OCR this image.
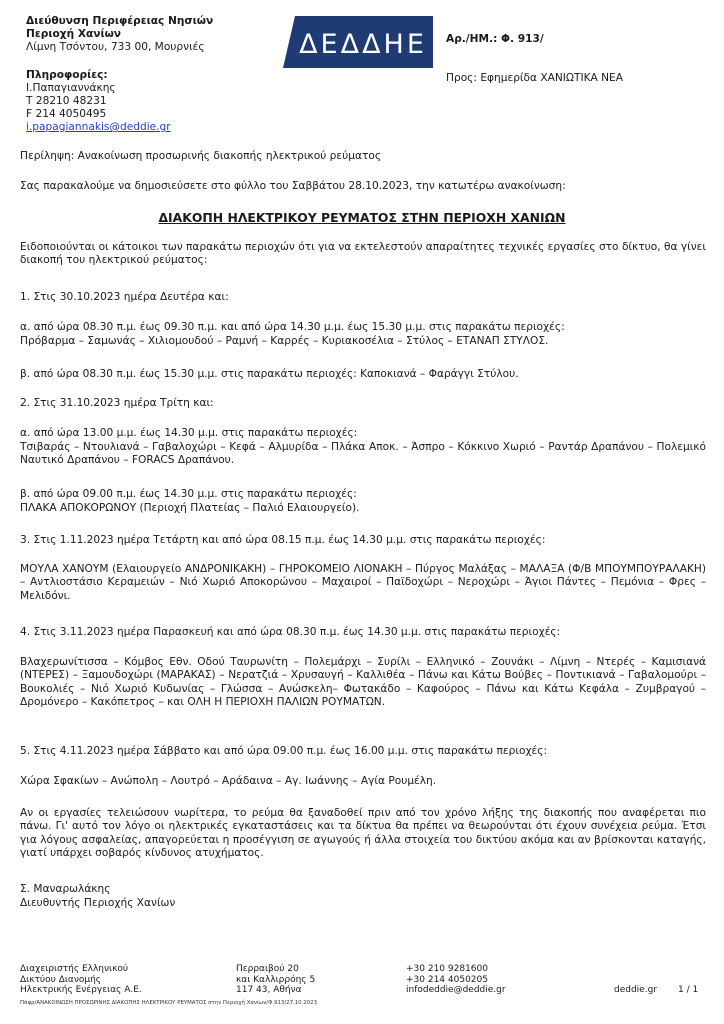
Διεύθυνση Περιφέρειας Νησιών
Περιοχή Χανίων
Λίμνη Τσόντου, 733 00, Μουρνιές
Πληροφορίες:
Ι.Παπαγιαννάκης
T 28210 48231
F 214 4050495
i.papagiannakis@deddie.gr
ΔΕΔΔΗΕ Αρ./ΗΜ.: Φ. 913/
Προς: Εφημερίδα ΧΑΝΙΩΤΙΚΑ ΝΕΑ
Περίληψη: Ανακοίνωση προσωρινής διακοπής ηλεκτρικού ρεύματος
Σας παρακαλούμε να δημοσιεύσετε στο φύλλο του Σαββάτου 28.10.2023, την κατωτέρω ανακοίνωση:
ΔΙΑΚΟΠΗ ΗΛΕΚΤΡΙΚΟΥ ΡΕΥΜΑΤΟΣ ΣΤΗΝ ΠΕΡΙΟΧΗ ΧΑΝΙΩΝ
Ειδοποιούνται οι κάτοικοι των παρακάτω περιοχών ότι για να εκτελεστούν απαραίτητες τεχνικές εργασίες στο δίκτυο, θα γίνει διακοπή του ηλεκτρικού ρεύματος:
1. Στις 30.10.2023 ημέρα Δευτέρα και:
α. από ώρα 08.30 π.μ. έως 09.30 π.μ. και από ώρα 14.30 μ.μ. έως 15.30 μ.μ. στις παρακάτω περιοχές:
Πρόβαρμα – Σαμωνάς – Χιλιομουδού – Ραμνή – Καρρές – Κυριακοσέλια – Στύλος – ΕΤΑΝΑΠ ΣΤΥΛΟΣ.
β. από ώρα 08.30 π.μ. έως 15.30 μ.μ. στις παρακάτω περιοχές: Καποκιανά – Φαράγγι Στύλου.
2. Στις 31.10.2023 ημέρα Τρίτη και:
α. από ώρα 13.00 μ.μ. έως 14.30 μ.μ. στις παρακάτω περιοχές:
Τσιβαράς – Ντουλιανά – Γαβαλοχώρι – Κεφά – Αλμυρίδα – Πλάκα Αποκ. – Άσπρο – Κόκκινο Χωριό – Ραντάρ Δραπάνου – Πολεμικό Ναυτικό Δραπάνου – FORACS Δραπάνου.
β. από ώρα 09.00 π.μ. έως 14.30 μ.μ. στις παρακάτω περιοχές:
ΠΛΑΚΑ ΑΠΟΚΟΡΩΝΟΥ (Περιοχή Πλατείας – Παλιό Ελαιουργείο).
3. Στις 1.11.2023 ημέρα Τετάρτη και από ώρα 08.15 π.μ. έως 14.30 μ.μ. στις παρακάτω περιοχές:
ΜΟΥΛΑ ΧΑΝΟΥΜ (Ελαιουργείο ΑΝΔΡΟΝΙΚΑΚΗ) – ΓΗΡΟΚΟΜΕΙΟ ΛΙΟΝΑΚΗ – Πύργος Μαλάξας – ΜΑΛΑΞΑ (Φ/Β ΜΠΟΥΜΠΟΥΡΑΛΑΚΗ) – Αντλιοστάσιο Κεραμειών – Νιό Χωριό Αποκορώνου – Μαχαιροί – Παϊδοχώρι – Νεροχώρι – Άγιοι Πάντες – Πεμόνια – Φρες – Μελιδόνι.
4. Στις 3.11.2023 ημέρα Παρασκευή και από ώρα 08.30 π.μ. έως 14.30 μ.μ. στις παρακάτω περιοχές:
Βλαχερωνίτισσα – Κόμβος Εθν. Οδού Ταυρωνίτη – Πολεμάρχι – Συρίλι – Ελληνικό – Ζουνάκι – Λίμνη – Ντερές – Καμισιανά (ΝΤΕΡΕΣ) – Ξαμουδοχώρι (ΜΑΡΑΚΑΣ) – Νερατζιά – Χρυσαυγή – Καλλιθέα – Πάνω και Κάτω Βούβες – Ποντικιανά – Γαβαλομούρι – Βουκολιές – Νιό Χωριό Κυδωνίας – Γλώσσα – Ανώσκελη– Φωτακάδο – Καφούρος – Πάνω και Κάτω Κεφάλα – Ζυμβραγού – Δρομόνερο – Κακόπετρος – και ΟΛΗ Η ΠΕΡΙΟΧΗ ΠΑΛΙΩΝ ΡΟΥΜΑΤΩΝ.
5. Στις 4.11.2023 ημέρα Σάββατο και από ώρα 09.00 π.μ. έως 16.00 μ.μ. στις παρακάτω περιοχές:
Χώρα Σφακίων – Ανώπολη – Λουτρό – Αράδαινα – Αγ. Ιωάννης – Αγία Ρουμέλη.
Αν οι εργασίες τελειώσουν νωρίτερα, το ρεύμα θα ξαναδοθεί πριν από τον χρόνο λήξης της διακοπής που αναφέρεται πιο πάνω. Γι' αυτό τον λόγο οι ηλεκτρικές εγκαταστάσεις και τα δίκτυα θα πρέπει να θεωρούνται ότι έχουν συνέχεια ρεύμα. Έτσι για λόγους ασφαλείας, απαγορεύεται η προσέγγιση σε αγωγούς ή άλλα στοιχεία του δικτύου ακόμα και αν βρίσκονται καταγής, γιατί υπάρχει σοβαρός κίνδυνος ατυχήματος.
Σ. Μαναρωλάκης
Διευθυντής Περιοχής Χανίων
Διαχειριστής Ελληνικού
Δικτύου Διανομής
Ηλεκτρικής Ενέργειας Α.Ε.
Περραιβού 20
και Καλλιρρόης 5
117 43, Αθήνα
+30 210 9281600
+30 214 4050205
infodeddie@deddie.gr	deddie.gr 1 / 1
Πάφρ/ΑΝΑΚΟΙΝΩΣΗ ΠΡΟΣΩΡΙΝΗΣ ΔΙΑΚΟΠΗΣ ΗΛΕΚΤΡΙΚΟΥ ΡΕΥΜΑΤΟΣ στην Περιοχή Χανίων/Φ.913/27.10.2023
